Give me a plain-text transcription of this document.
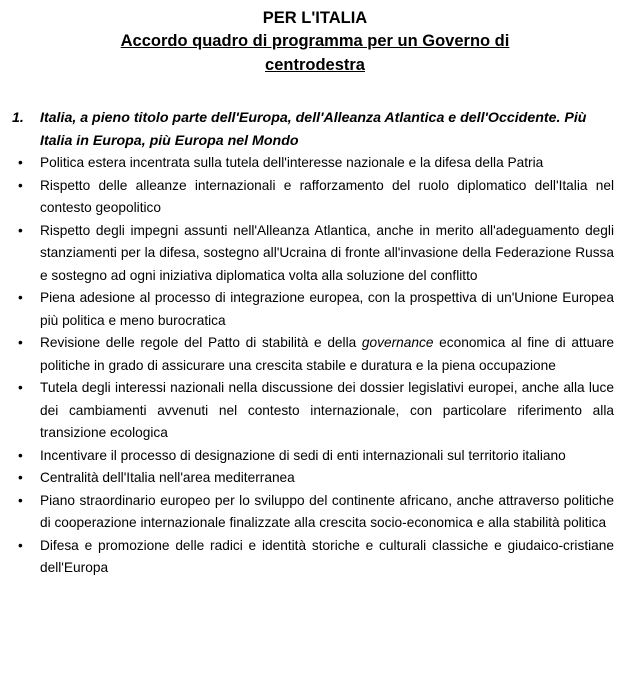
PER L'ITALIA
Accordo quadro di programma per un Governo di centrodestra
1.	Italia, a pieno titolo parte dell'Europa, dell'Alleanza Atlantica e dell'Occidente. Più Italia in Europa, più Europa nel Mondo
•	Politica estera incentrata sulla tutela dell'interesse nazionale e la difesa della Patria
•	Rispetto delle alleanze internazionali e rafforzamento del ruolo diplomatico dell'Italia nel contesto geopolitico
•	Rispetto degli impegni assunti nell'Alleanza Atlantica, anche in merito all'adeguamento degli stanziamenti per la difesa, sostegno all'Ucraina di fronte all'invasione della Federazione Russa e sostegno ad ogni iniziativa diplomatica volta alla soluzione del conflitto
•	Piena adesione al processo di integrazione europea, con la prospettiva di un'Unione Europea più politica e meno burocratica
•	Revisione delle regole del Patto di stabilità e della governance economica al fine di attuare politiche in grado di assicurare una crescita stabile e duratura e la piena occupazione
•	Tutela degli interessi nazionali nella discussione dei dossier legislativi europei, anche alla luce dei cambiamenti avvenuti nel contesto internazionale, con particolare riferimento alla transizione ecologica
•	Incentivare il processo di designazione di sedi di enti internazionali sul territorio italiano
•	Centralità dell'Italia nell'area mediterranea
•	Piano straordinario europeo per lo sviluppo del continente africano, anche attraverso politiche di cooperazione internazionale finalizzate alla crescita socio-economica e alla stabilità politica
•	Difesa e promozione delle radici e identità storiche e culturali classiche e giudaico-cristiane dell'Europa
